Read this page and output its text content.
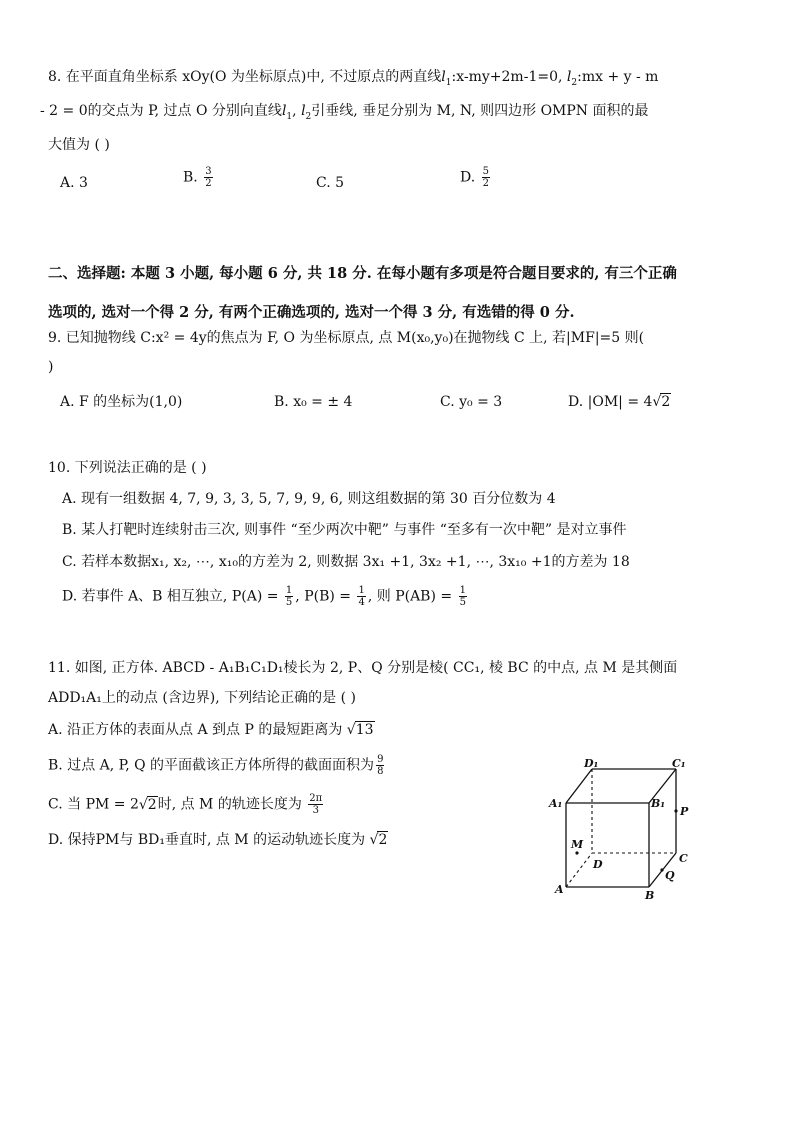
8. 在平面直角坐标系 xOy(O 为坐标原点)中, 不过原点的两直线$l_1:x-my+2m-1=0$, $l_2:mx + y - m$
- 2 = 0的交点为 P, 过点 O 分别向直线$l_1$, $l_2$引垂线, 垂足分别为 M, N, 则四边形 OMPN 面积的最
大值为 ( )
A. 3	B. $\frac{3}{2}$	C. 5	D. $\frac{5}{2}$
二、选择题: 本题 3 小题, 每小题 6 分, 共 18 分. 在每小题有多项是符合题目要求的, 有三个正确
选项的, 选对一个得 2 分, 有两个正确选项的, 选对一个得 3 分, 有选错的得 0 分.
9. 已知抛物线 C:x² = 4y的焦点为 F, O 为坐标原点, 点 M(x₀,y₀)在抛物线 C 上, 若|MF|=5 则(
)
A. F 的坐标为(1,0)	B. x₀ = ± 4	C. y₀ = 3	D. |OM| = 4√2
10. 下列说法正确的是 ( )
A. 现有一组数据 4, 7, 9, 3, 3, 5, 7, 9, 9, 6, 则这组数据的第 30 百分位数为 4
B. 某人打靶时连续射击三次, 则事件 “至少两次中靶” 与事件 “至多有一次中靶” 是对立事件
C. 若样本数据x₁, x₂, ⋯, x₁₀的方差为 2, 则数据 3x₁ +1, 3x₂ +1, ⋯, 3x₁₀ +1的方差为 18
D. 若事件 A、B 相互独立, $P(A) = \frac{1}{5}$ , $P(B) = \frac{1}{4}$ , 则 $P(AB) = \frac{1}{5}$
11. 如图, 正方体. ABCD - A₁B₁C₁D₁棱长为 2, P、Q 分别是棱( CC₁, 棱 BC 的中点, 点 M 是其侧面
ADD₁A₁上的动点 (含边界), 下列结论正确的是 ( )
A. 沿正方体的表面从点 A 到点 P 的最短距离为 √13
B. 过点 A, P, Q 的平面截该正方体所得的截面面积为 $\frac{9}{8}$
C. 当 PM = 2√2时, 点 M 的轨迹长度为 $\frac{2\pi}{3}$
D. 保持PM与 BD₁垂直时, 点 M 的运动轨迹长度为 √2
D₁	C₁
A₁	B₁
P
M
D	C
A
Q
B
